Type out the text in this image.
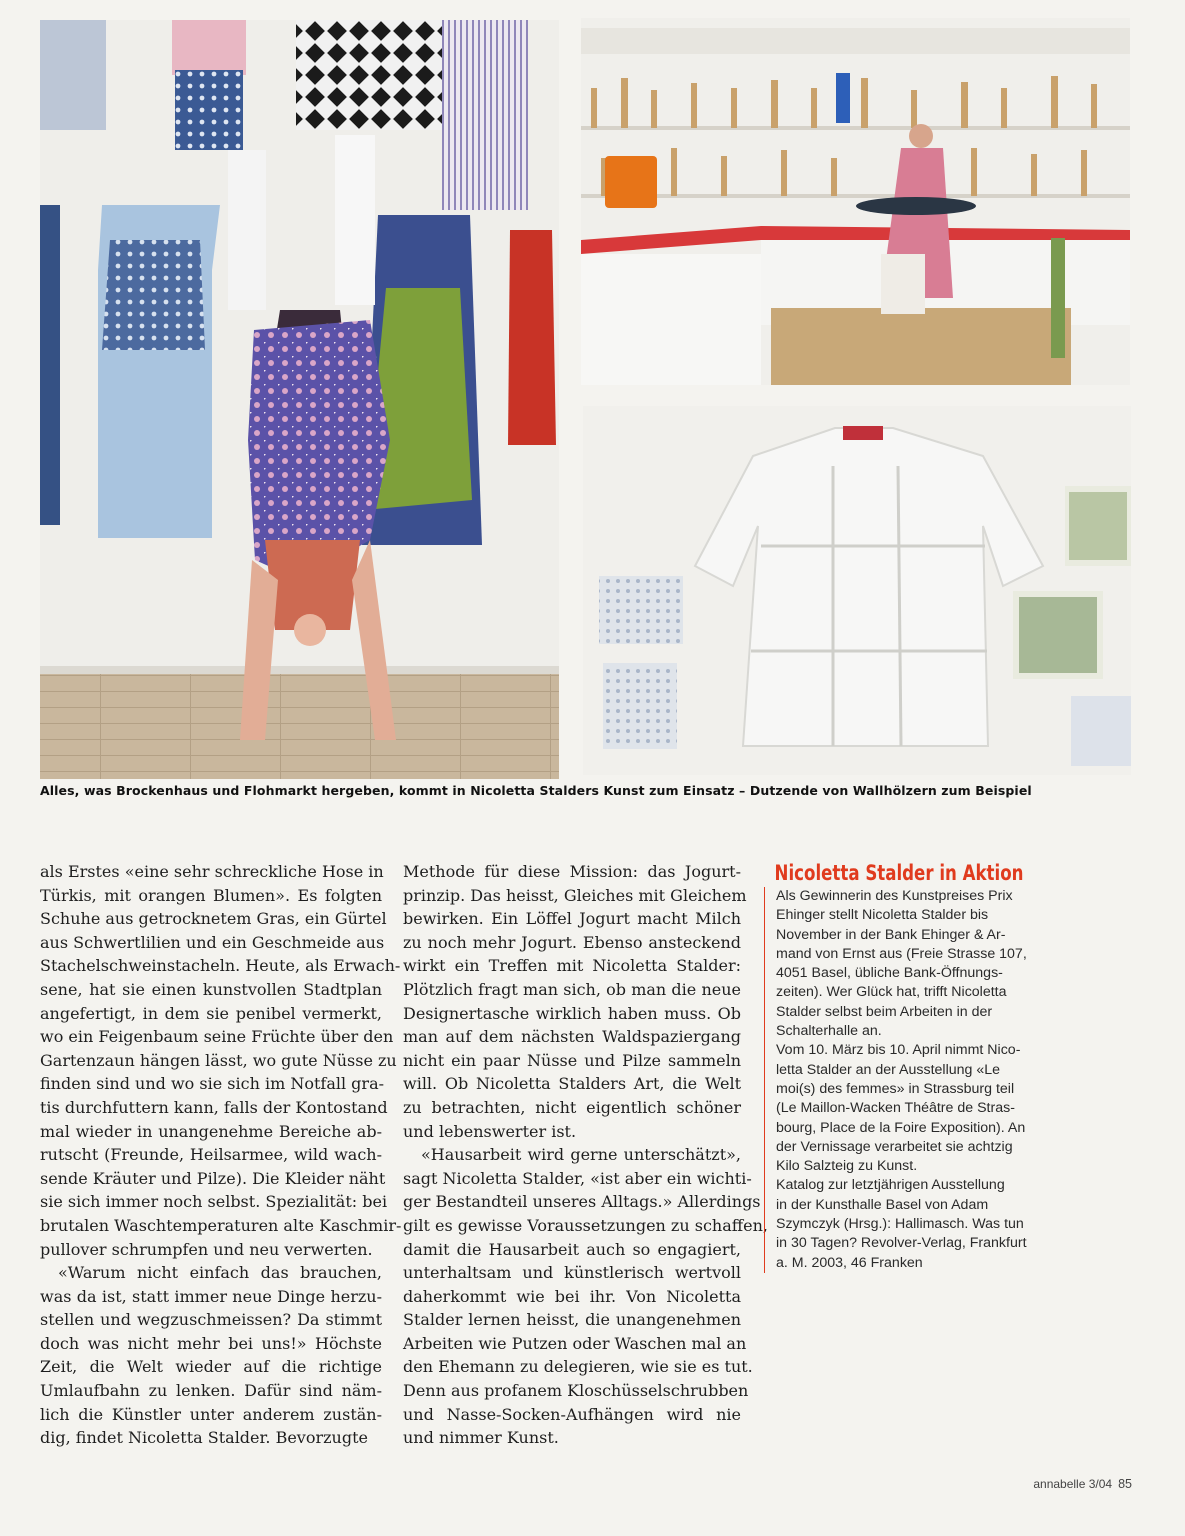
Alles, was Brockenhaus und Flohmarkt hergeben, kommt in Nicoletta Stalders Kunst zum Einsatz – Dutzende von Wallhölzern zum Beispiel
als Erstes «eine sehr schreckliche Hose in
Türkis, mit orangen Blumen». Es folgten
Schuhe aus getrocknetem Gras, ein Gürtel
aus Schwertlilien und ein Geschmeide aus
Stachelschweinstacheln. Heute, als Erwach-
sene, hat sie einen kunstvollen Stadtplan
angefertigt, in dem sie penibel vermerkt,
wo ein Feigenbaum seine Früchte über den
Gartenzaun hängen lässt, wo gute Nüsse zu
finden sind und wo sie sich im Notfall gra-
tis durchfuttern kann, falls der Kontostand
mal wieder in unangenehme Bereiche ab-
rutscht (Freunde, Heilsarmee, wild wach-
sende Kräuter und Pilze). Die Kleider näht
sie sich immer noch selbst. Spezialität: bei
brutalen Waschtemperaturen alte Kaschmir-
pullover schrumpfen und neu verwerten.
«Warum nicht einfach das brauchen,
was da ist, statt immer neue Dinge herzu-
stellen und wegzuschmeissen? Da stimmt
doch was nicht mehr bei uns!» Höchste
Zeit, die Welt wieder auf die richtige
Umlaufbahn zu lenken. Dafür sind näm-
lich die Künstler unter anderem zustän-
dig, findet Nicoletta Stalder. Bevorzugte
Methode für diese Mission: das Jogurt-
prinzip. Das heisst, Gleiches mit Gleichem
bewirken. Ein Löffel Jogurt macht Milch
zu noch mehr Jogurt. Ebenso ansteckend
wirkt ein Treffen mit Nicoletta Stalder:
Plötzlich fragt man sich, ob man die neue
Designertasche wirklich haben muss. Ob
man auf dem nächsten Waldspaziergang
nicht ein paar Nüsse und Pilze sammeln
will. Ob Nicoletta Stalders Art, die Welt
zu betrachten, nicht eigentlich schöner
und lebenswerter ist.
«Hausarbeit wird gerne unterschätzt»,
sagt Nicoletta Stalder, «ist aber ein wichti-
ger Bestandteil unseres Alltags.» Allerdings
gilt es gewisse Voraussetzungen zu schaffen,
damit die Hausarbeit auch so engagiert,
unterhaltsam und künstlerisch wertvoll
daherkommt wie bei ihr. Von Nicoletta
Stalder lernen heisst, die unangenehmen
Arbeiten wie Putzen oder Waschen mal an
den Ehemann zu delegieren, wie sie es tut.
Denn aus profanem Kloschüsselschrubben
und Nasse-Socken-Aufhängen wird nie
und nimmer Kunst.
Nicoletta Stalder in Aktion
Als Gewinnerin des Kunstpreises Prix
Ehinger stellt Nicoletta Stalder bis
November in der Bank Ehinger & Ar-
mand von Ernst aus (Freie Strasse 107,
4051 Basel, übliche Bank-Öffnungs-
zeiten). Wer Glück hat, trifft Nicoletta
Stalder selbst beim Arbeiten in der
Schalterhalle an.
Vom 10. März bis 10. April nimmt Nico-
letta Stalder an der Ausstellung «Le
moi(s) des femmes» in Strassburg teil
(Le Maillon-Wacken Théâtre de Stras-
bourg, Place de la Foire Exposition). An
der Vernissage verarbeitet sie achtzig
Kilo Salzteig zu Kunst.
Katalog zur letztjährigen Ausstellung
in der Kunsthalle Basel von Adam
Szymczyk (Hrsg.): Hallimasch. Was tun
in 30 Tagen? Revolver-Verlag, Frankfurt
a. M. 2003, 46 Franken
annabelle 3/04 85
